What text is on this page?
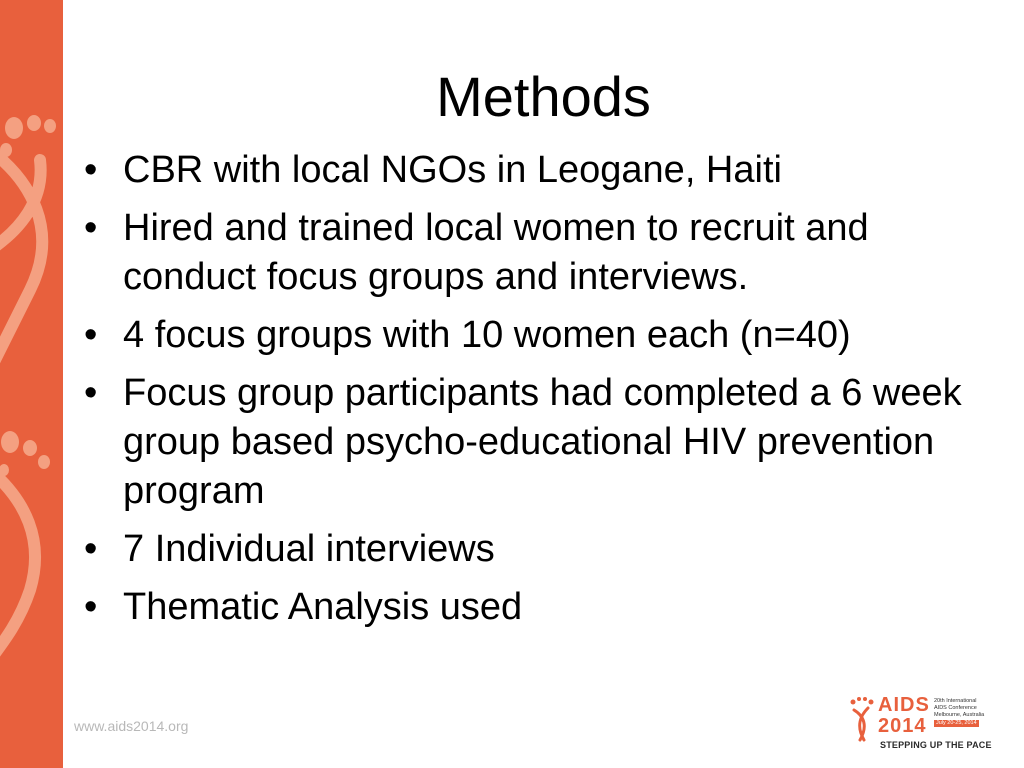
Methods
• CBR with local NGOs in Leogane, Haiti
• Hired and trained local women to recruit and conduct focus groups and interviews.
• 4 focus groups with 10 women each (n=40)
• Focus group participants had completed a 6 week group based psycho-educational HIV prevention program
• 7 Individual interviews
• Thematic Analysis used
www.aids2014.org
AIDS
2014
20th International
AIDS Conference
Melbourne, Australia
July 20-25, 2014
STEPPING UP THE PACE
